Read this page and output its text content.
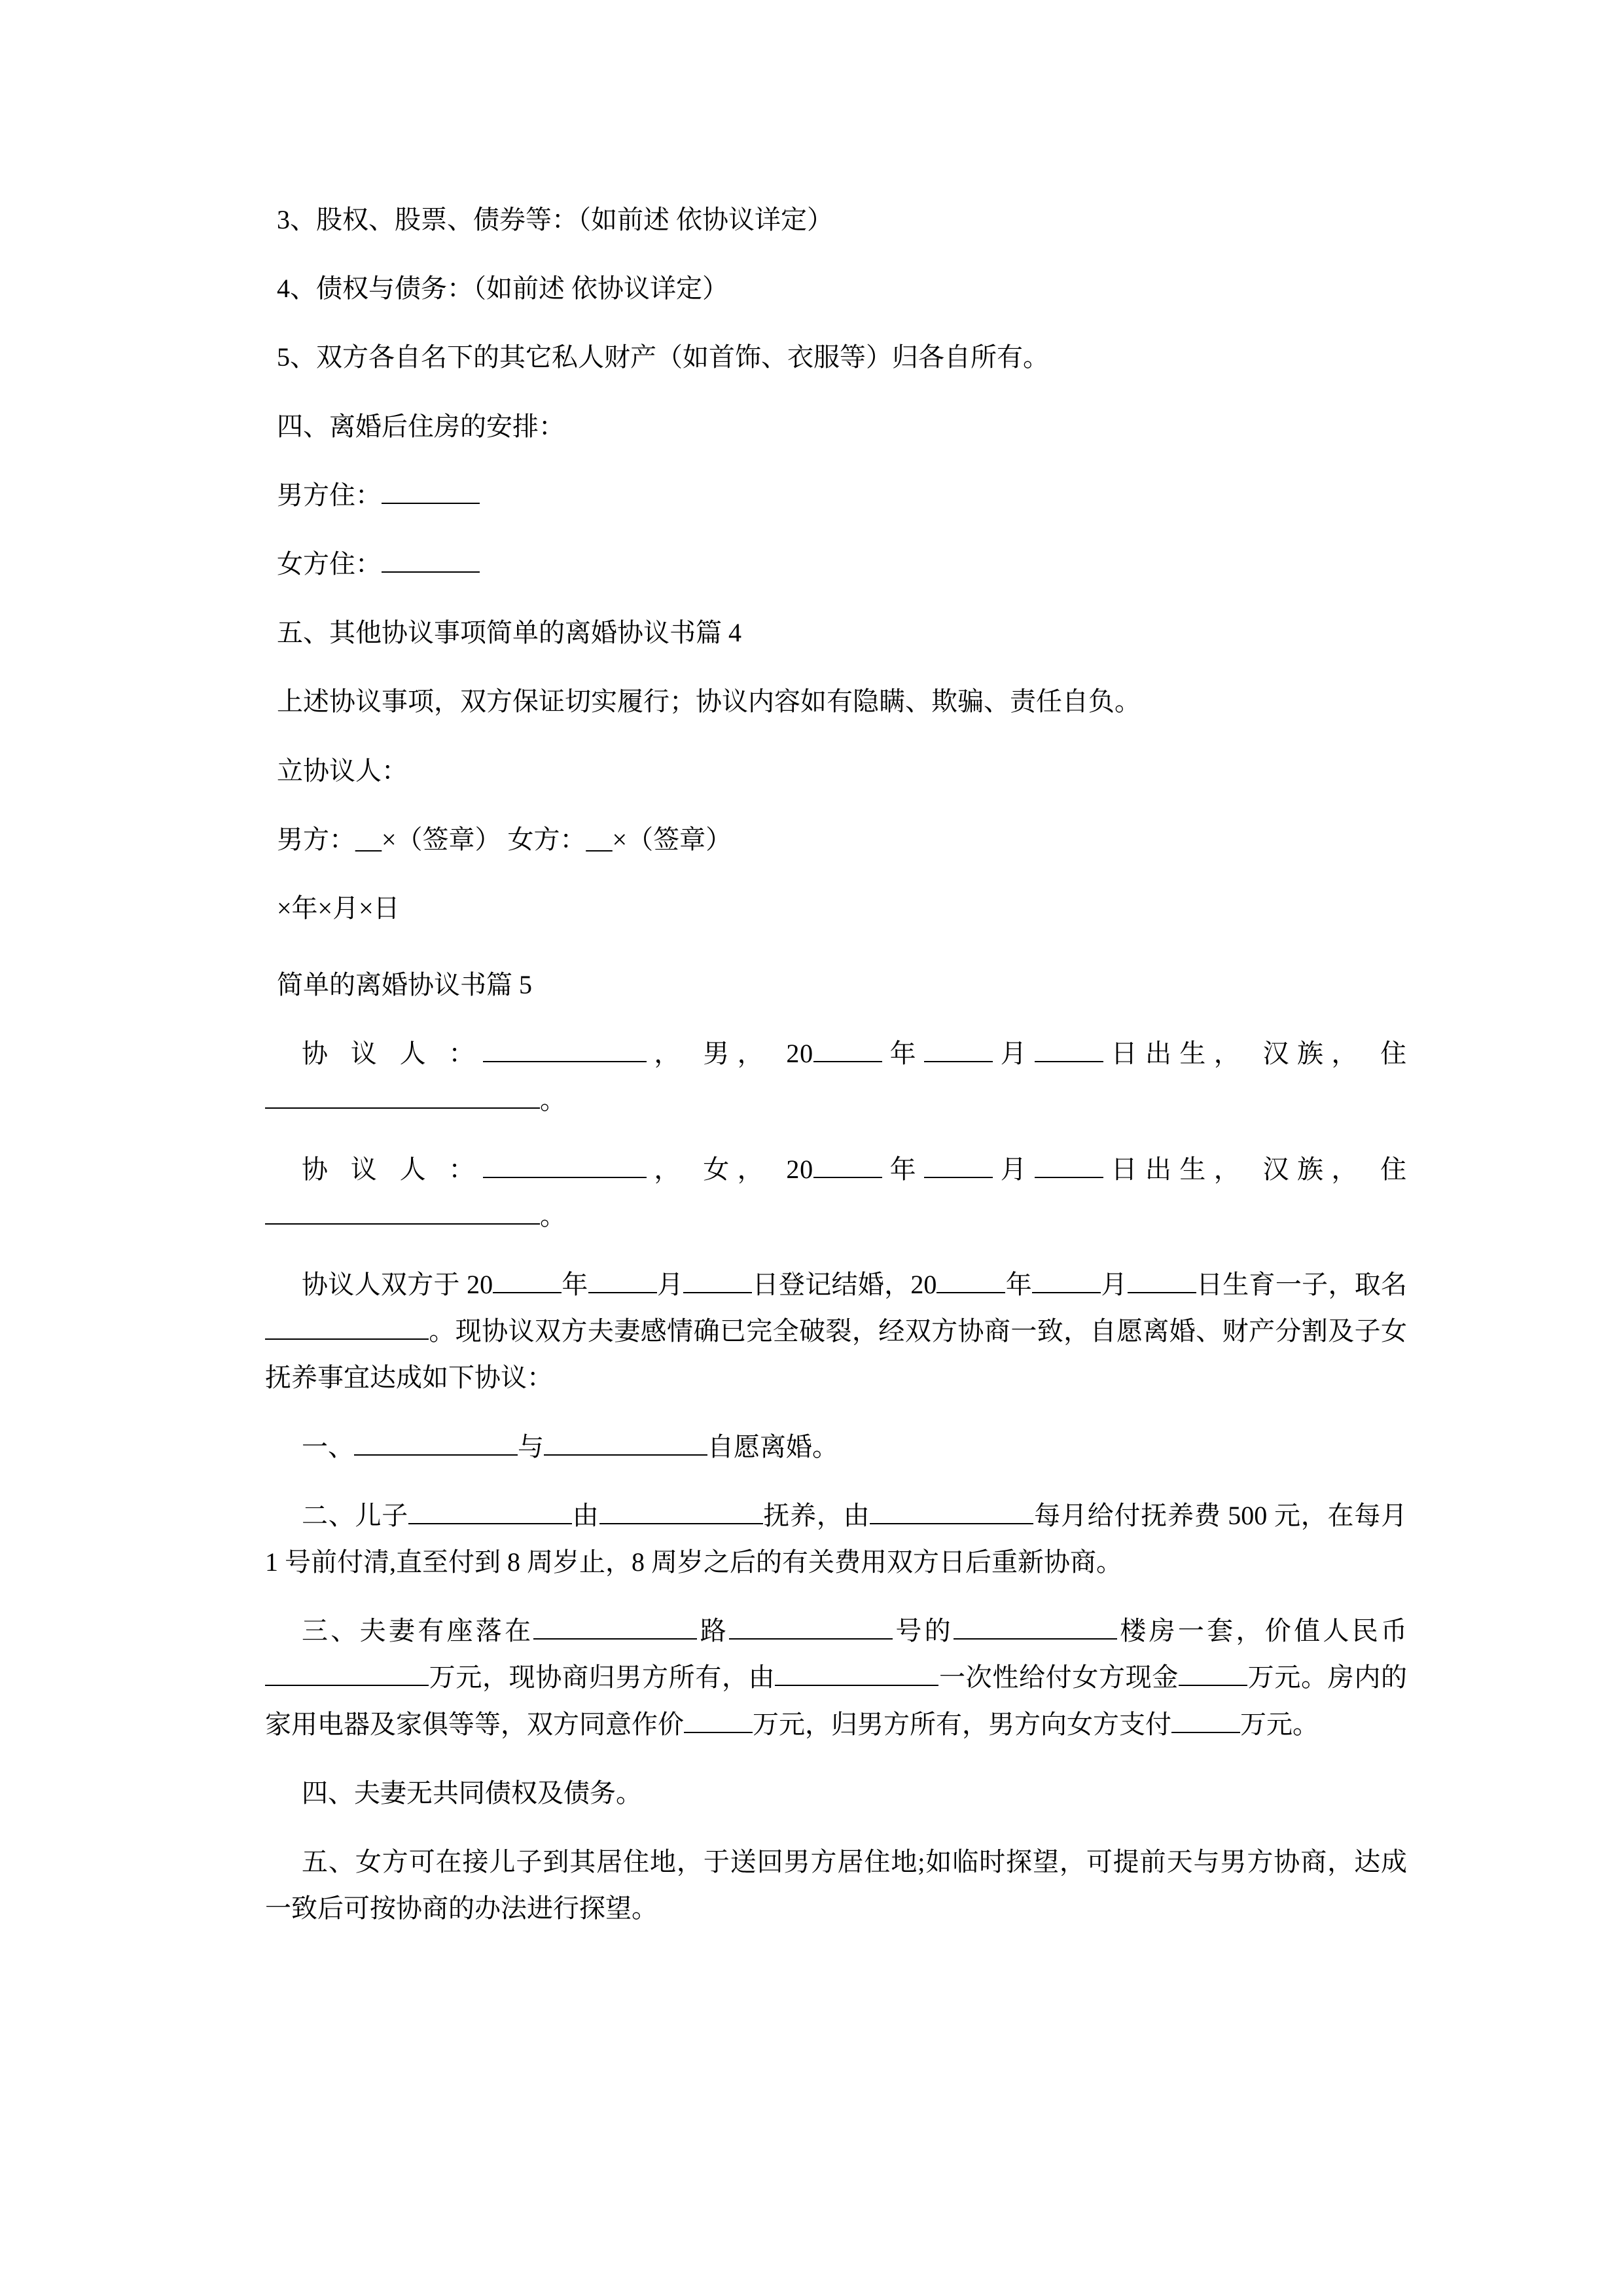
3、股权、股票、债券等：（如前述 依协议详定）

4、债权与债务：（如前述 依协议详定）

5、双方各自名下的其它私人财产（如首饰、衣服等）归各自所有。

四、离婚后住房的安排：

男方住：

女方住：

五、其他协议事项简单的离婚协议书篇 4

上述协议事项，双方保证切实履行；协议内容如有隐瞒、欺骗、责任自负。

立协议人：

男方：__×（签章） 女方：__×（签章）

×年×月×日

简单的离婚协议书篇 5

协 议 人 ：	， 男， 20	年	月	日出生， 汉族， 住

。

协 议 人 ：	， 女， 20	年	月	日出生， 汉族， 住

。

协议人双方于 20	年	月	日登记结婚，20	年	月	日生育一子，取名。现协议双方夫妻感情确已完全破裂，经双方协商一致，自愿离婚、财产分割及子女抚养事宜达成如下协议：

一、	与	自愿离婚。

二、儿子	由	抚养，由	每月给付抚养费 500 元，在每月 1 号前付清,直至付到 8 周岁止，8 周岁之后的有关费用双方日后重新协商。

三、夫妻有座落在	路	号的	楼房一套，价值人民币万元，现协商归男方所有，由	一次性给付女方现金	万元。房内的家用电器及家俱等等，双方同意作价	万元，归男方所有，男方向女方支付	万元。

四、夫妻无共同债权及债务。

五、女方可在接儿子到其居住地，于送回男方居住地;如临时探望，可提前天与男方协商，达成一致后可按协商的办法进行探望。
